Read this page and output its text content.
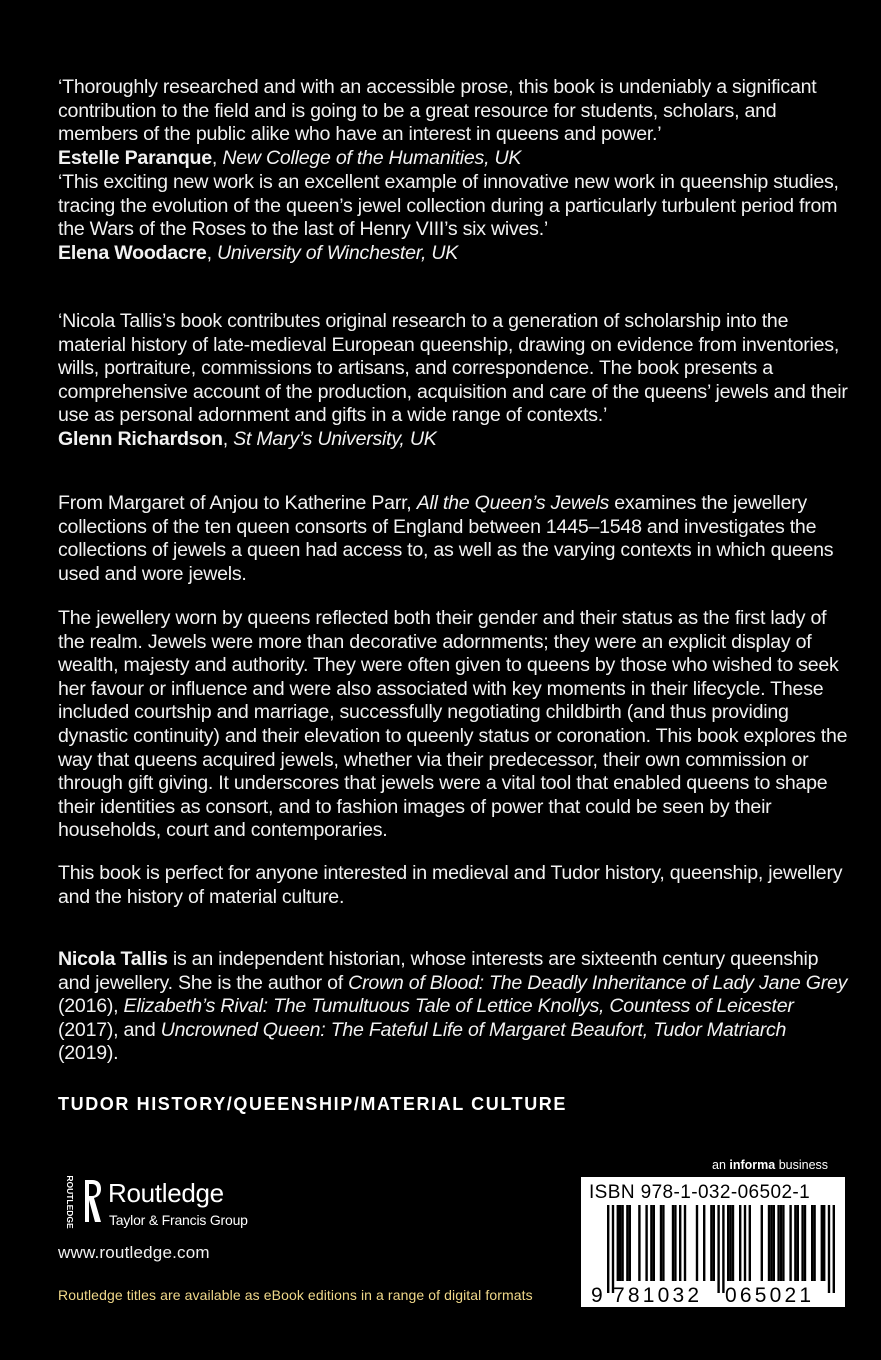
‘Thoroughly researched and with an accessible prose, this book is undeniably a significant contribution to the field and is going to be a great resource for students, scholars, and members of the public alike who have an interest in queens and power.’

Estelle Paranque, New College of the Humanities, UK

‘This exciting new work is an excellent example of innovative new work in queenship studies, tracing the evolution of the queen’s jewel collection during a particularly turbulent period from the Wars of the Roses to the last of Henry VIII’s six wives.’

Elena Woodacre, University of Winchester, UK

‘Nicola Tallis’s book contributes original research to a generation of scholarship into the material history of late-medieval European queenship, drawing on evidence from inventories, wills, portraiture, commissions to artisans, and correspondence. The book presents a comprehensive account of the production, acquisition and care of the queens’ jewels and their use as personal adornment and gifts in a wide range of contexts.’

Glenn Richardson, St Mary’s University, UK

From Margaret of Anjou to Katherine Parr, All the Queen’s Jewels examines the jewellery collections of the ten queen consorts of England between 1445–1548 and investigates the collections of jewels a queen had access to, as well as the varying contexts in which queens used and wore jewels.

The jewellery worn by queens reflected both their gender and their status as the first lady of the realm. Jewels were more than decorative adornments; they were an explicit display of wealth, majesty and authority. They were often given to queens by those who wished to seek her favour or influence and were also associated with key moments in their lifecycle. These included courtship and marriage, successfully negotiating childbirth (and thus providing dynastic continuity) and their elevation to queenly status or coronation. This book explores the way that queens acquired jewels, whether via their predecessor, their own commission or through gift giving. It underscores that jewels were a vital tool that enabled queens to shape their identities as consort, and to fashion images of power that could be seen by their households, court and contemporaries.

This book is perfect for anyone interested in medieval and Tudor history, queenship, jewellery and the history of material culture.

Nicola Tallis is an independent historian, whose interests are sixteenth century queenship and jewellery. She is the author of Crown of Blood: The Deadly Inheritance of Lady Jane Grey (2016), Elizabeth’s Rival: The Tumultuous Tale of Lettice Knollys, Countess of Leicester (2017), and Uncrowned Queen: The Fateful Life of Margaret Beaufort, Tudor Matriarch (2019).

TUDOR HISTORY/QUEENSHIP/MATERIAL CULTURE
ROUTLEDGE Routledge
Taylor & Francis Group
www.routledge.com
Routledge titles are available as eBook editions in a range of digital formats
an informa business
ISBN 978-1-032-06502-1
9 781032 065021
